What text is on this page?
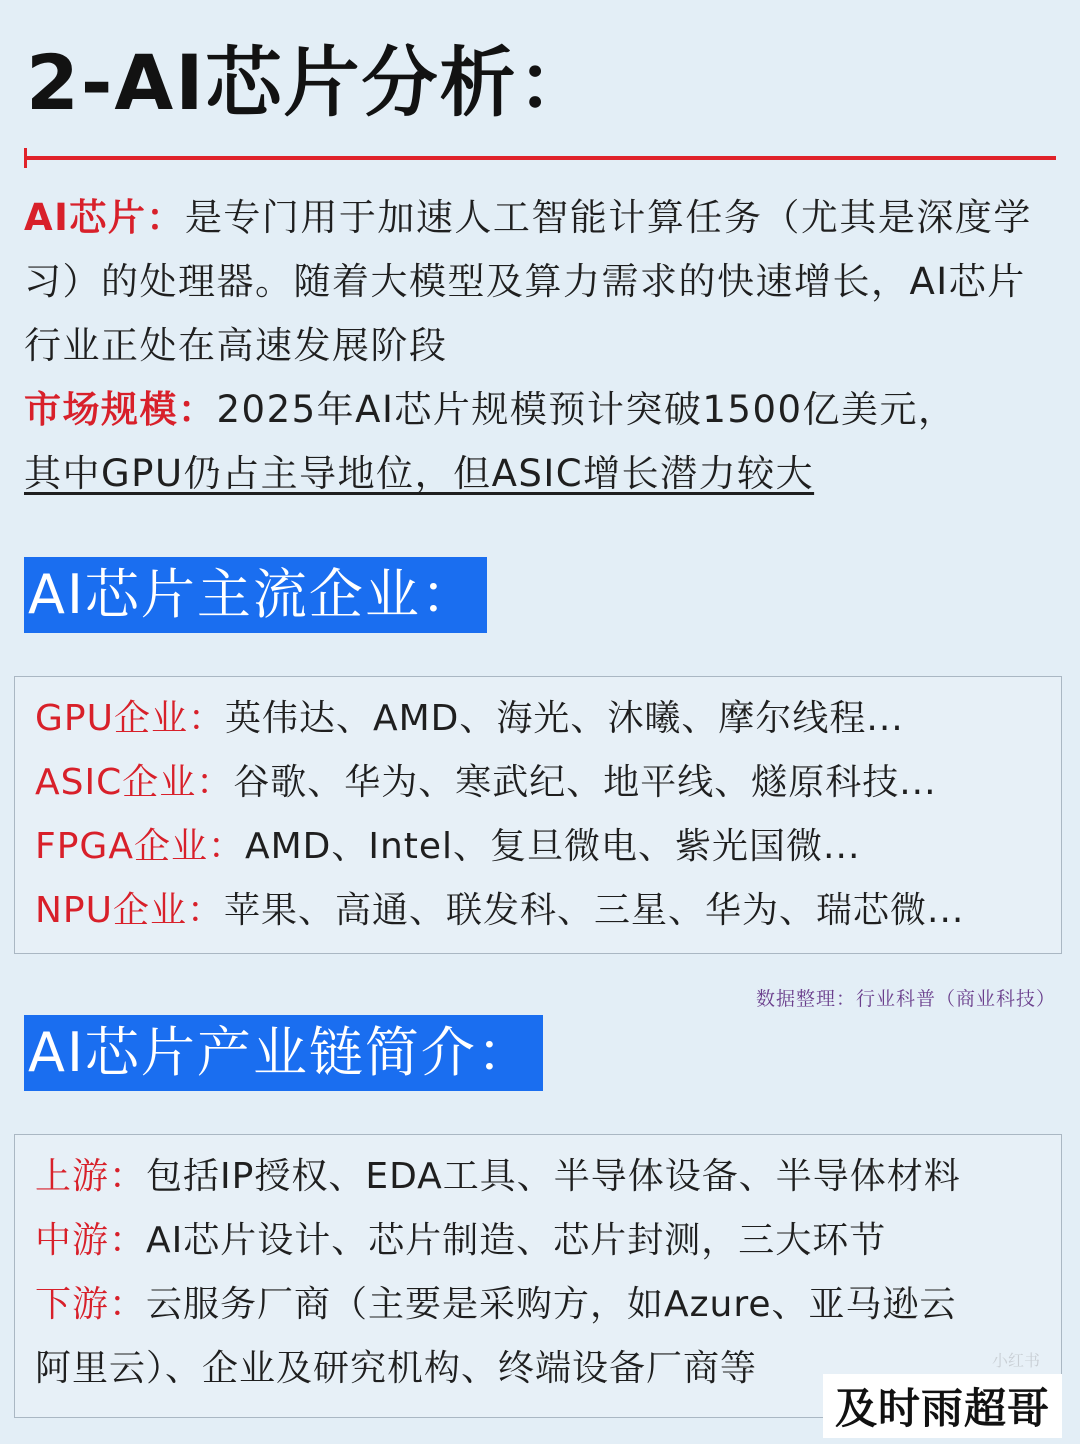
2-AI芯片分析：

AI芯片：是专门用于加速人工智能计算任务（尤其是深度学习）的处理器。随着大模型及算力需求的快速增长，AI芯片行业正处在高速发展阶段

市场规模：2025年AI芯片规模预计突破1500亿美元，
其中GPU仍占主导地位，但ASIC增长潜力较大

AI芯片主流企业：
GPU企业：英伟达、AMD、海光、沐曦、摩尔线程...
ASIC企业：谷歌、华为、寒武纪、地平线、燧原科技...
FPGA企业：AMD、Intel、复旦微电、紫光国微...
NPU企业：苹果、高通、联发科、三星、华为、瑞芯微...
数据整理：行业科普（商业科技）
AI芯片产业链简介：
上游：包括IP授权、EDA工具、半导体设备、半导体材料
中游：AI芯片设计、芯片制造、芯片封测，三大环节
下游：云服务厂商（主要是采购方，如Azure、亚马逊云
阿里云）、企业及研究机构、终端设备厂商等	小红书
及时雨超哥
